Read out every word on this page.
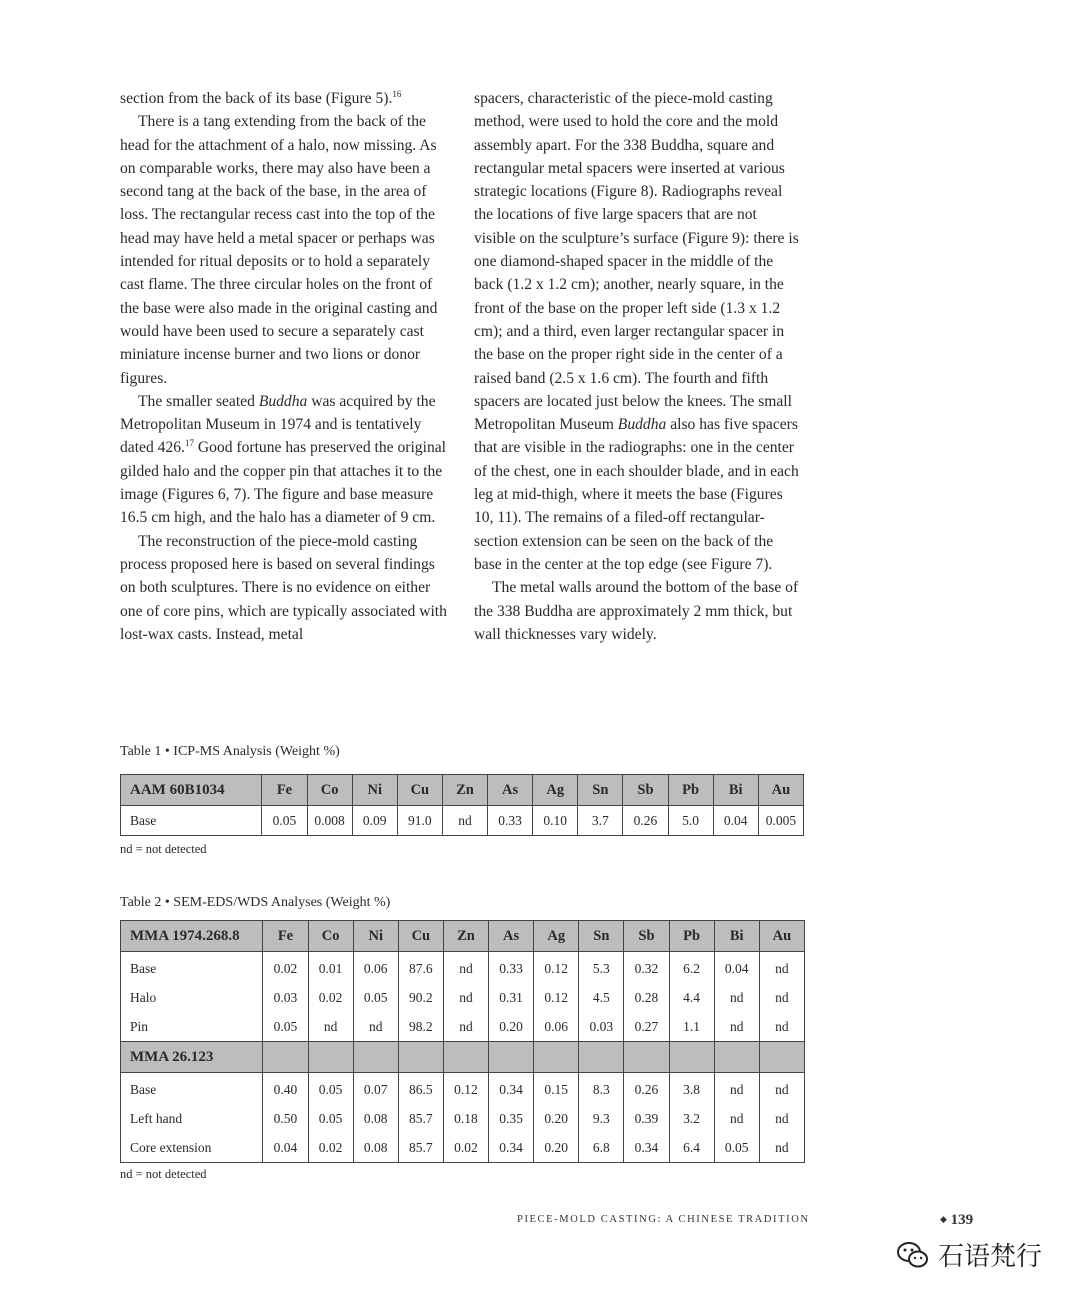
section from the back of its base (Figure 5).$^{16}$

There is a tang extending from the back of the head for the attachment of a halo, now missing. As on comparable works, there may also have been a second tang at the back of the base, in the area of loss. The rectangular recess cast into the top of the head may have held a metal spacer or perhaps was intended for ritual deposits or to hold a separately cast flame. The three circular holes on the front of the base were also made in the original casting and would have been used to secure a separately cast miniature incense burner and two lions or donor figures.

The smaller seated Buddha was acquired by the Metropolitan Museum in 1974 and is tentatively dated 426.17 Good fortune has preserved the original gilded halo and the copper pin that attaches it to the image (Figures 6, 7). The figure and base measure 16.5 cm high, and the halo has a diameter of 9 cm.

The reconstruction of the piece-mold casting process proposed here is based on several findings on both sculptures. There is no evidence on either one of core pins, which are typically associated with lost-wax casts. Instead, metal

spacers, characteristic of the piece-mold casting method, were used to hold the core and the mold assembly apart. For the 338 Buddha, square and rectangular metal spacers were inserted at various strategic locations (Figure 8). Radiographs reveal the locations of five large spacers that are not visible on the sculpture’s surface (Figure 9): there is one diamond-shaped spacer in the middle of the back (1.2 x 1.2 cm); another, nearly square, in the front of the base on the proper left side (1.3 x 1.2 cm); and a third, even larger rectangular spacer in the base on the proper right side in the center of a raised band (2.5 x 1.6 cm). The fourth and fifth spacers are located just below the knees. The small Metropolitan Museum Buddha also has five spacers that are visible in the radiographs: one in the center of the chest, one in each shoulder blade, and in each leg at mid-thigh, where it meets the base (Figures 10, 11). The remains of a filed-off rectangular-section extension can be seen on the back of the base in the center at the top edge (see Figure 7).

The metal walls around the bottom of the base of the 338 Buddha are approximately 2 mm thick, but wall thicknesses vary widely.

Table 1 • ICP-MS Analysis (Weight %)
AAM 60B1034	Fe	Co	Ni	Cu	Zn	As	Ag	Sn	Sb	Pb	Bi	Au
Base	0.05	0.008	0.09	91.0	nd	0.33	0.10	3.7	0.26	5.0	0.04	0.005
nd = not detected
Table 2 • SEM-EDS/WDS Analyses (Weight %)
MMA 1974.268.8	Fe	Co	Ni	Cu	Zn	As	Ag	Sn	Sb	Pb	Bi	Au
Base	0.02	0.01	0.06	87.6	nd	0.33	0.12	5.3	0.32	6.2	0.04	nd
Halo	0.03	0.02	0.05	90.2	nd	0.31	0.12	4.5	0.28	4.4	nd	nd
Pin	0.05	nd	nd	98.2	nd	0.20	0.06	0.03	0.27	1.1	nd	nd
MMA 26.123												
Base	0.40	0.05	0.07	86.5	0.12	0.34	0.15	8.3	0.26	3.8	nd	nd
Left hand	0.50	0.05	0.08	85.7	0.18	0.35	0.20	9.3	0.39	3.2	nd	nd
Core extension	0.04	0.02	0.08	85.7	0.02	0.34	0.20	6.8	0.34	6.4	0.05	nd
nd = not detected
PIECE-MOLD CASTING: A CHINESE TRADITION	◆ 139
石语梵行
